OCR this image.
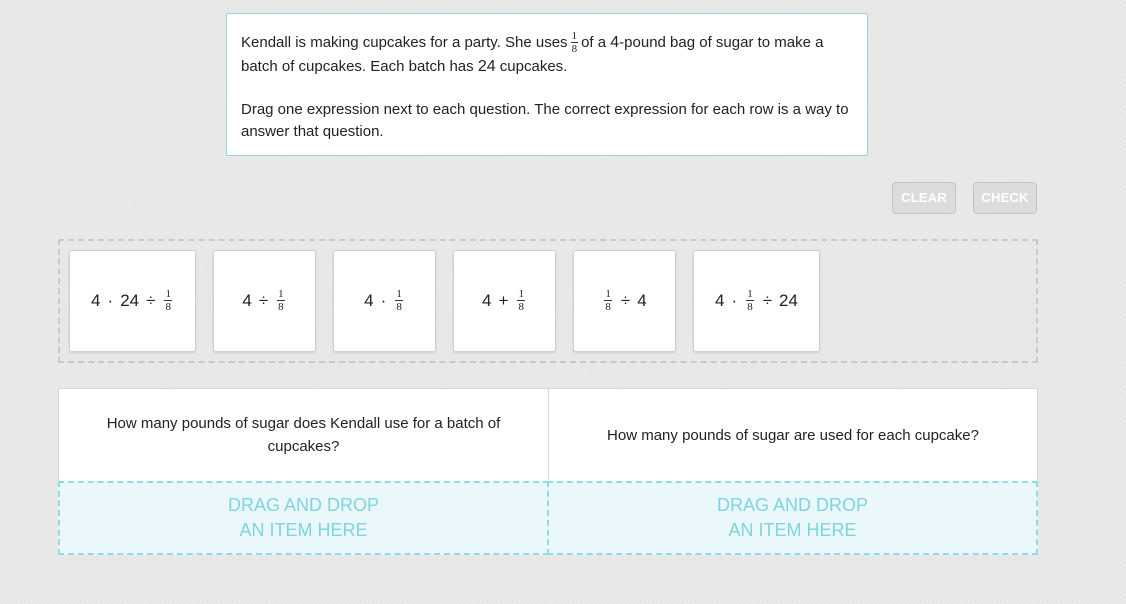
Kendall is making cupcakes for a party. She uses $\frac{1}{8}$ of a 4-pound bag of sugar to make a batch of cupcakes. Each batch has 24 cupcakes.

Drag one expression next to each question. The correct expression for each row is a way to answer that question.

CLEAR	CHECK
$4 \cdot 24 \div \frac{1}{8}$	$4 \div \frac{1}{8}$	$4 \cdot \frac{1}{8}$	$4 + \frac{1}{8}$	$\frac{1}{8} \div 4$	$4 \cdot \frac{1}{8} \div 24$
How many pounds of sugar does Kendall use for a batch of cupcakes?
How many pounds of sugar are used for each cupcake?
DRAG AND DROP
AN ITEM HERE
DRAG AND DROP
AN ITEM HERE
